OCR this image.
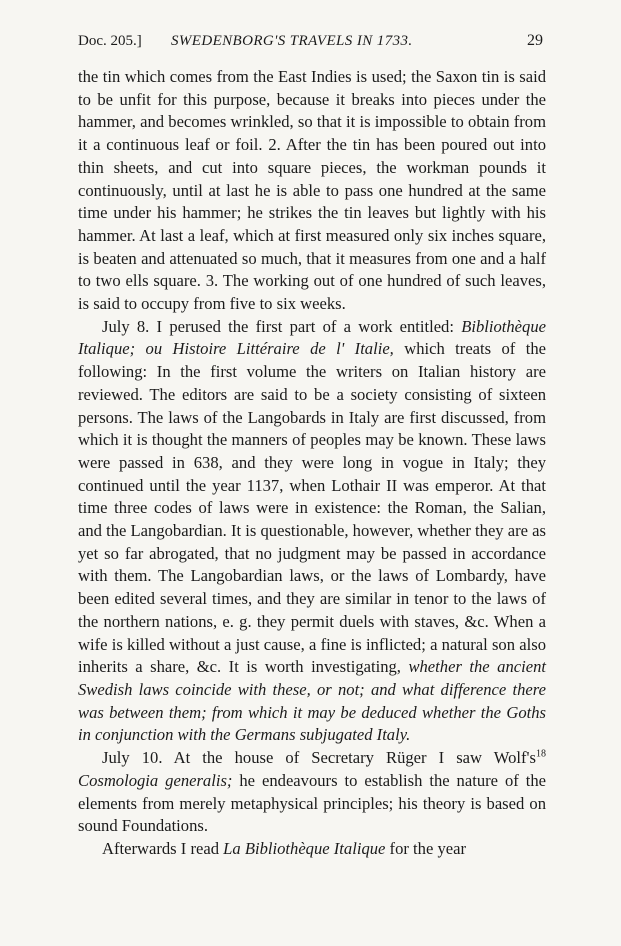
Doc. 205.] SWEDENBORG'S TRAVELS IN 1733.	29

the tin which comes from the East Indies is used; the Saxon tin is said to be unfit for this purpose, because it breaks into pieces under the hammer, and becomes wrinkled, so that it is impossible to obtain from it a continuous leaf or foil. 2. After the tin has been poured out into thin sheets, and cut into square pieces, the workman pounds it continuously, until at last he is able to pass one hundred at the same time under his hammer; he strikes the tin leaves but lightly with his hammer. At last a leaf, which at first measured only six inches square, is beaten and attenuated so much, that it measures from one and a half to two ells square. 3. The working out of one hundred of such leaves, is said to occupy from five to six weeks.

July 8. I perused the first part of a work entitled: Bibliothèque Italique; ou Histoire Littéraire de l' Italie, which treats of the following: In the first volume the writers on Italian history are reviewed. The editors are said to be a society consisting of sixteen persons. The laws of the Langobards in Italy are first discussed, from which it is thought the manners of peoples may be known. These laws were passed in 638, and they were long in vogue in Italy; they continued until the year 1137, when Lothair II was emperor. At that time three codes of laws were in existence: the Roman, the Salian, and the Langobardian. It is questionable, however, whether they are as yet so far abrogated, that no judgment may be passed in accordance with them. The Langobardian laws, or the laws of Lombardy, have been edited several times, and they are similar in tenor to the laws of the northern nations, e. g. they permit duels with staves, &c. When a wife is killed without a just cause, a fine is inflicted; a natural son also inherits a share, &c. It is worth investigating, whether the ancient Swedish laws coincide with these, or not; and what difference there was between them; from which it may be deduced whether the Goths in conjunction with the Germans subjugated Italy.

July 10. At the house of Secretary Rüger I saw $Wolf's^{18}$ Cosmologia generalis; he endeavours to establish the nature of the elements from merely metaphysical principles; his theory is based on sound Foundations.

Afterwards I read La Bibliothèque Italique for the year
